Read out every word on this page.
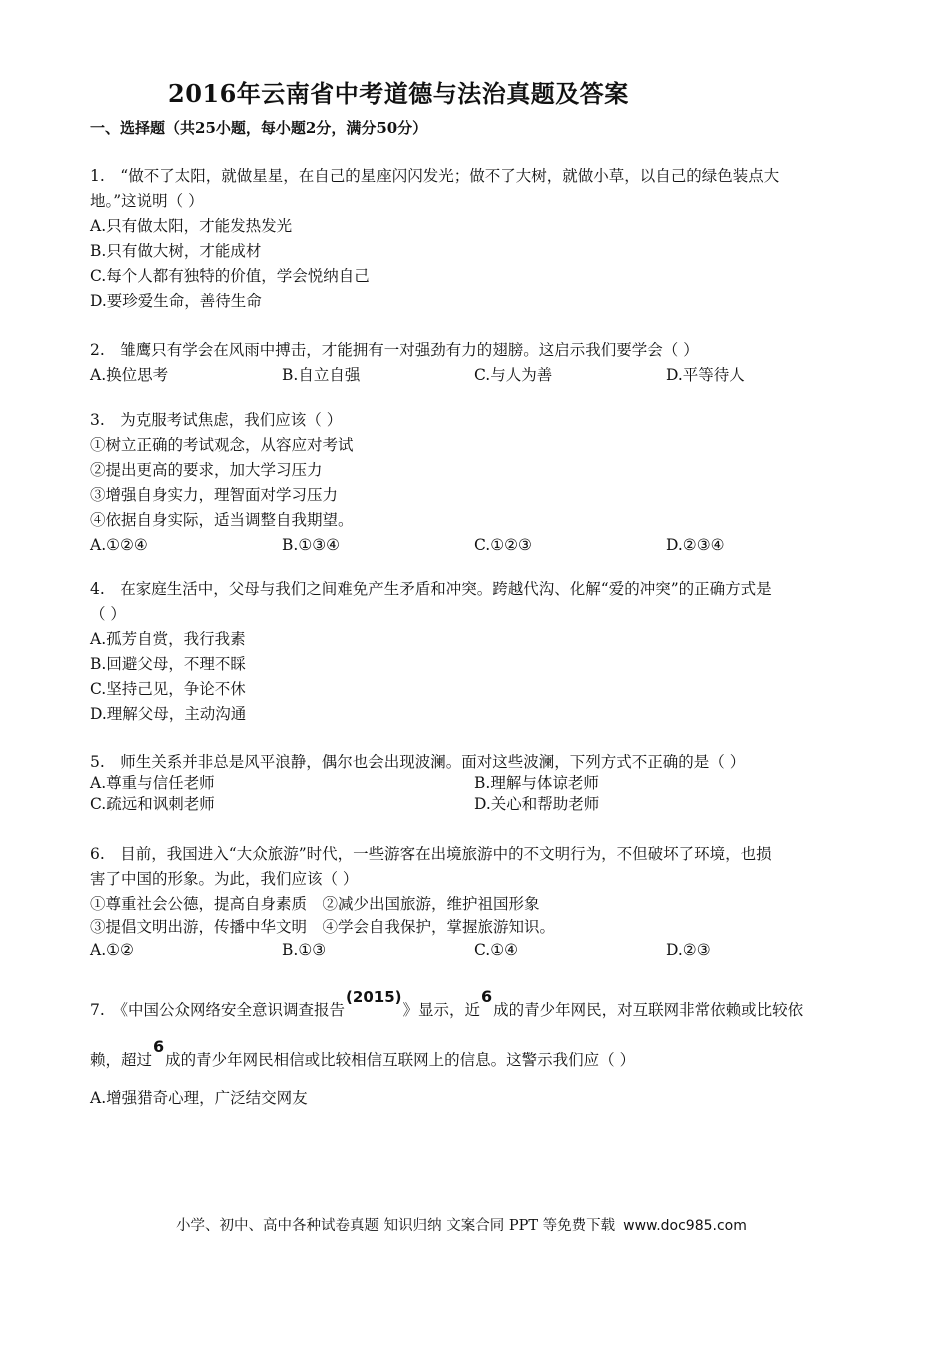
2016年云南省中考道德与法治真题及答案
一、选择题（共25小题，每小题2分，满分50分）
1.　“做不了太阳，就做星星，在自己的星座闪闪发光；做不了大树，就做小草，以自己的绿色装点大
地。”这说明（ ）
A.只有做太阳，才能发热发光
B.只有做大树，才能成材
C.每个人都有独特的价值，学会悦纳自己
D.要珍爱生命，善待生命
2.　雏鹰只有学会在风雨中搏击，才能拥有一对强劲有力的翅膀。这启示我们要学会（ ）
A.换位思考	B.自立自强	C.与人为善	D.平等待人
3.　为克服考试焦虑，我们应该（ ）
①树立正确的考试观念，从容应对考试
②提出更高的要求，加大学习压力
③增强自身实力，理智面对学习压力
④依据自身实际，适当调整自我期望。
A.①②④	B.①③④	C.①②③	D.②③④
4.　在家庭生活中，父母与我们之间难免产生矛盾和冲突。跨越代沟、化解“爱的冲突”的正确方式是
（ ）
A.孤芳自赏，我行我素
B.回避父母，不理不睬
C.坚持己见，争论不休
D.理解父母，主动沟通
5.　师生关系并非总是风平浪静，偶尔也会出现波澜。面对这些波澜，下列方式不正确的是（ ）
A.尊重与信任老师	B.理解与体谅老师
C.疏远和讽刺老师	D.关心和帮助老师
6.　目前，我国进入“大众旅游”时代，一些游客在出境旅游中的不文明行为，不但破坏了环境，也损
害了中国的形象。为此，我们应该（ ）
①尊重社会公德，提高自身素质　②减少出国旅游，维护祖国形象
③提倡文明出游，传播中华文明　④学会自我保护，掌握旅游知识。
A.①②	B.①③	C.①④	D.②③
7.　《中国公众网络安全意识调查报告(2015)》显示，近6成的青少年网民，对互联网非常依赖或比较依
赖，超过6成的青少年网民相信或比较相信互联网上的信息。这警示我们应（ ）
A.增强猎奇心理，广泛结交网友
小学、初中、高中各种试卷真题 知识归纳 文案合同 PPT 等免费下载 www.doc985.com
